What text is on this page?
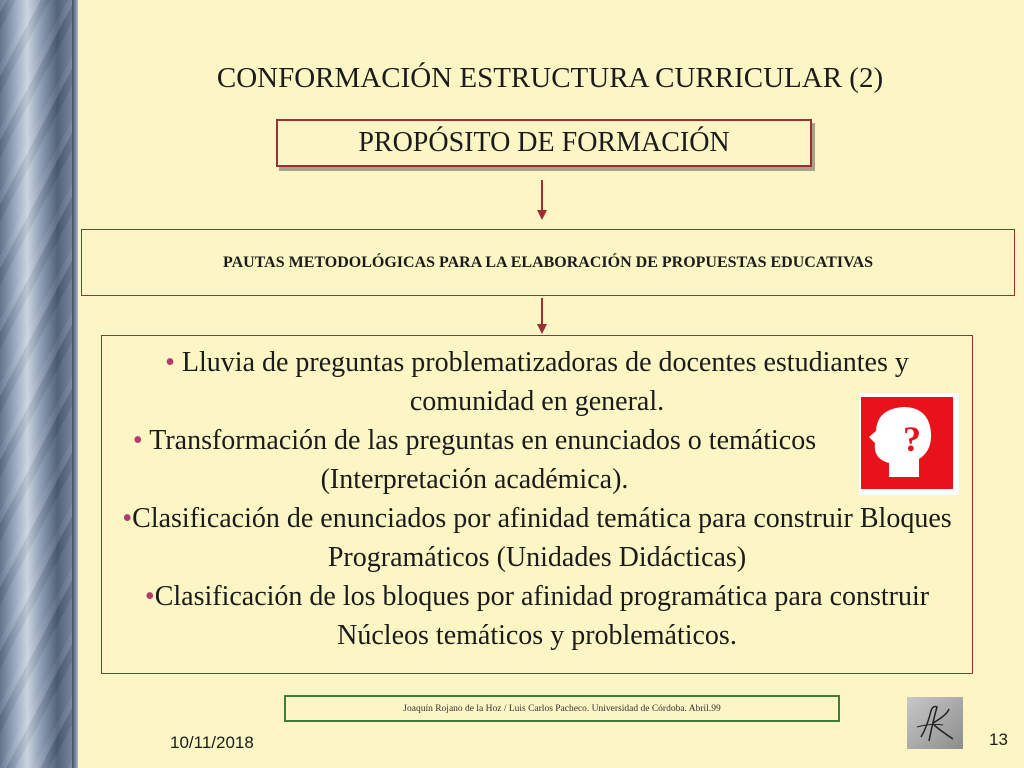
CONFORMACIÓN ESTRUCTURA CURRICULAR (2)
PROPÓSITO DE FORMACIÓN
PAUTAS METODOLÓGICAS PARA LA ELABORACIÓN DE PROPUESTAS EDUCATIVAS
• Lluvia de preguntas problematizadoras de docentes estudiantes y comunidad en general.
• Transformación de las preguntas en enunciados o temáticos (Interpretación académica).
•Clasificación de enunciados por afinidad temática para construir Bloques Programáticos (Unidades Didácticas)
•Clasificación de los bloques por afinidad programática para construir Núcleos temáticos y problemáticos.
?
Joaquín Rojano de la Hoz / Luis Carlos Pacheco. Universidad de Córdoba. Abril.99
10/11/2018	13
